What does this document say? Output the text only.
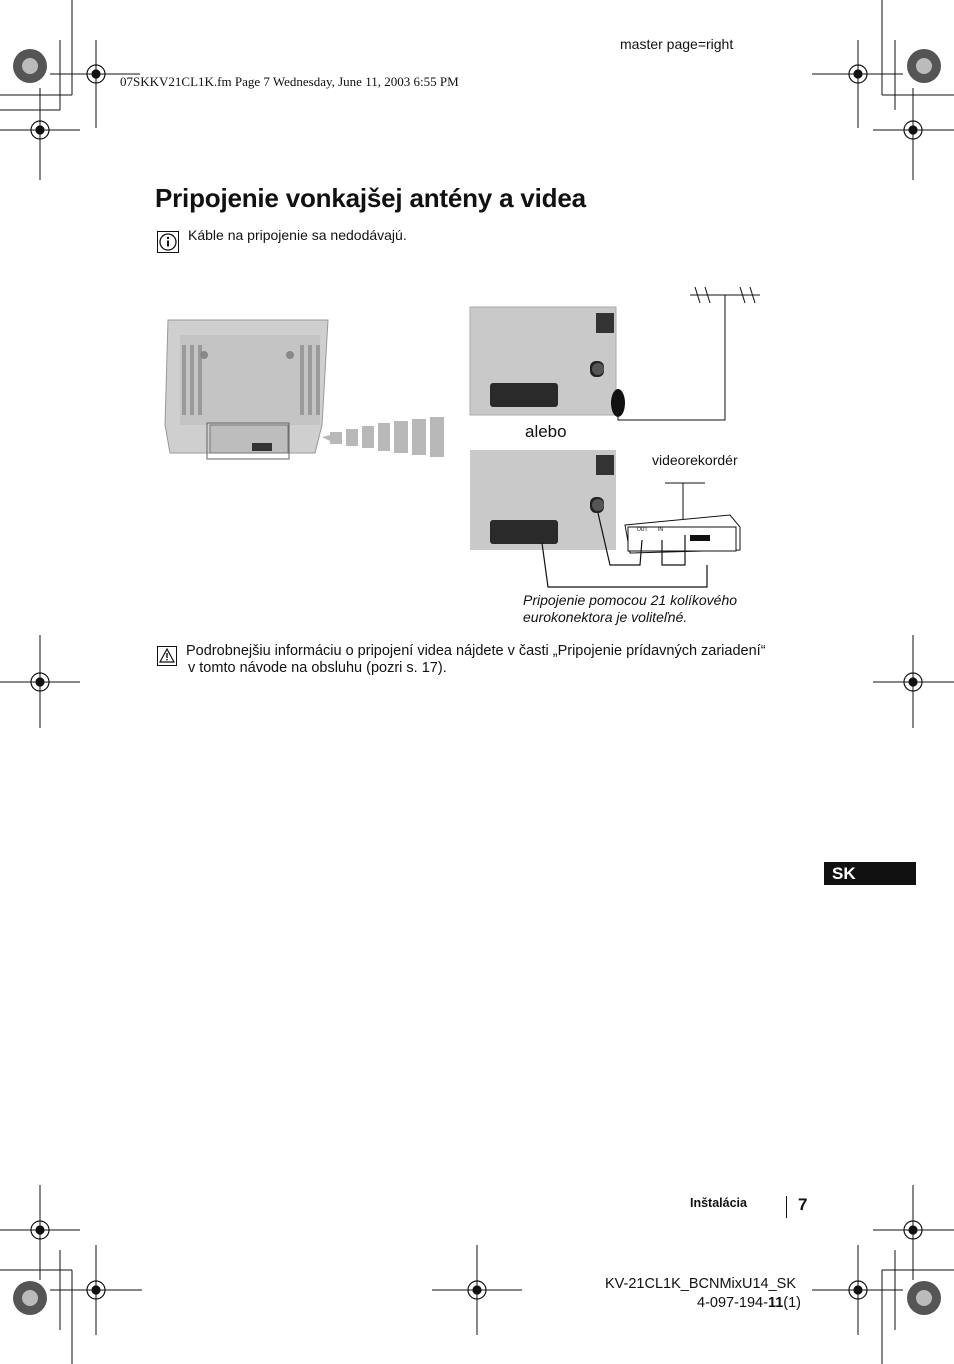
master page=right
07SKKV21CL1K.fm Page 7 Wednesday, June 11, 2003 6:55 PM
Pripojenie vonkajšej antény a videa
Káble na pripojenie sa nedodávajú.
OUT IN
alebo
videorekordér
Pripojenie pomocou 21 kolíkového
eurokonektora je voliteľné.
Podrobnejšiu informáciu o pripojení videa nájdete v časti „Pripojenie prídavných zariadení“
v tomto návode na obsluhu (pozri s. 17).
SK
Inštalácia	7
KV-21CL1K_BCNMixU14_SK
4-097-194-11(1)
